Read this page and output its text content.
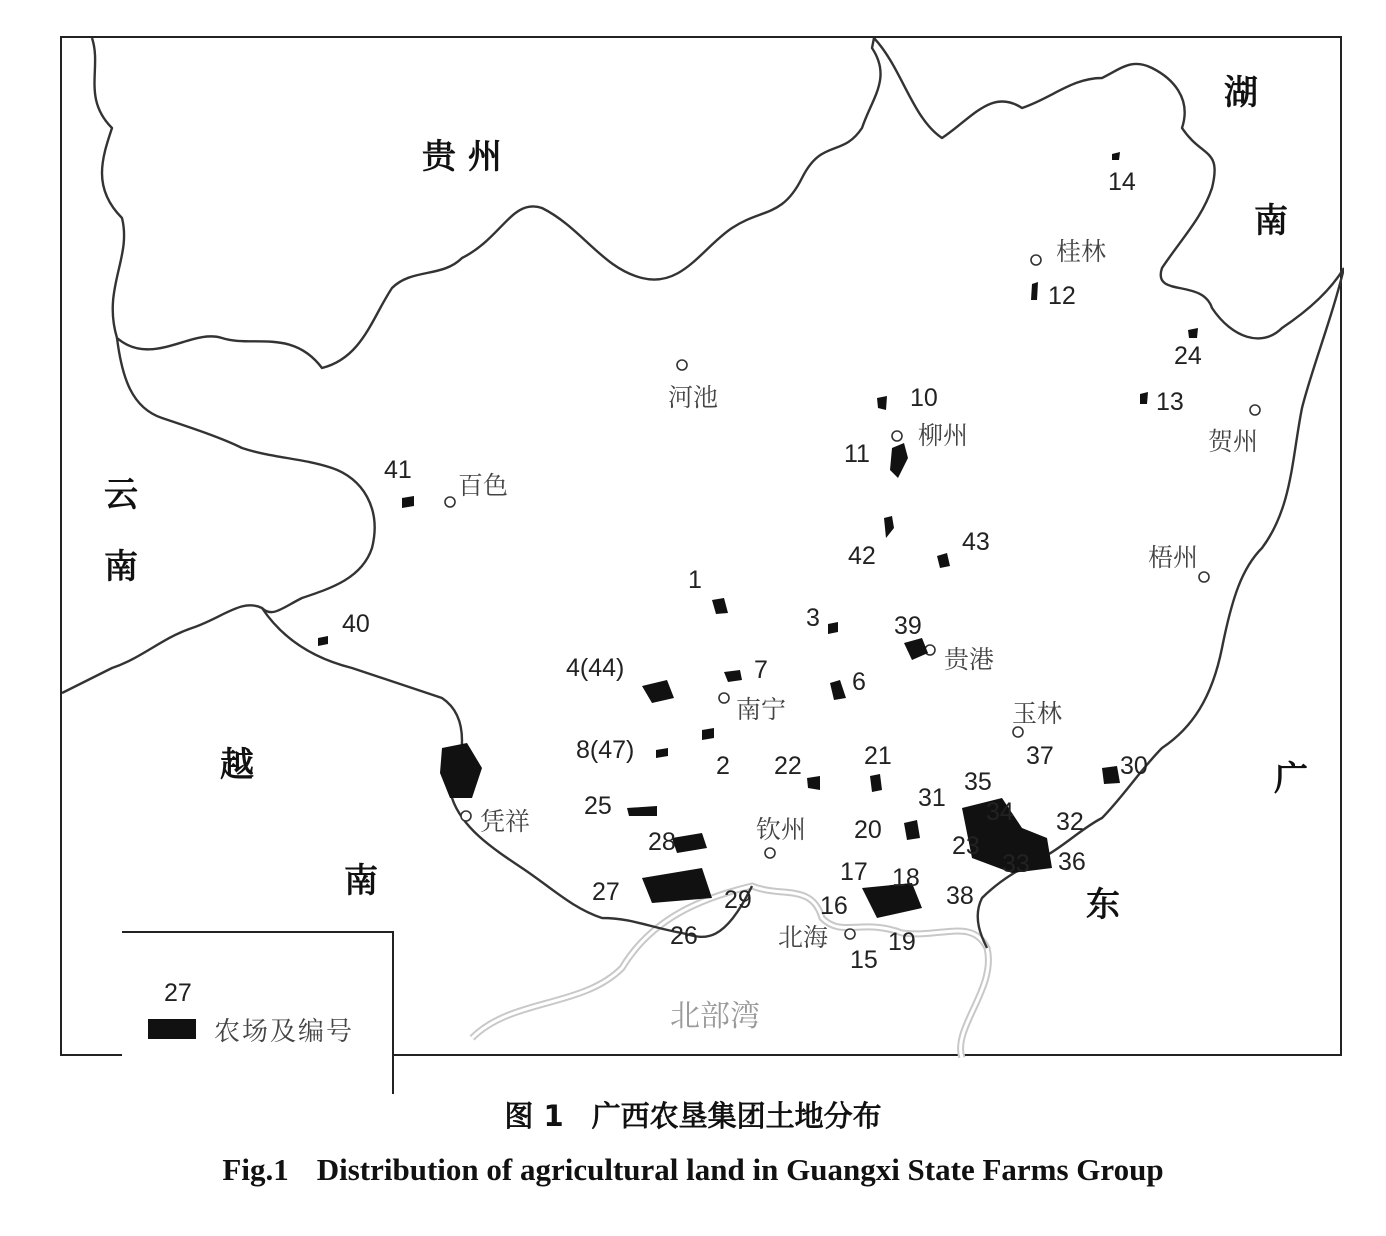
贵 州
云
南
湖
南
越
南
广
东
河池
柳州
桂林
贺州
百色
梧州
贵港
南宁	玉林
凭祥	钦州
北海
北部湾
1
2
3
4(44)	6
7
8(47)
10
11
12
13
14
15
16
17 18
19
20
21
22
23
24
25
26
27
28
29
30
31
32
33
34
35
36
37
38
39
40
41
42	43
27
农场及编号
图 1 广西农垦集团土地分布
Fig.1 Distribution of agricultural land in Guangxi State Farms Group
